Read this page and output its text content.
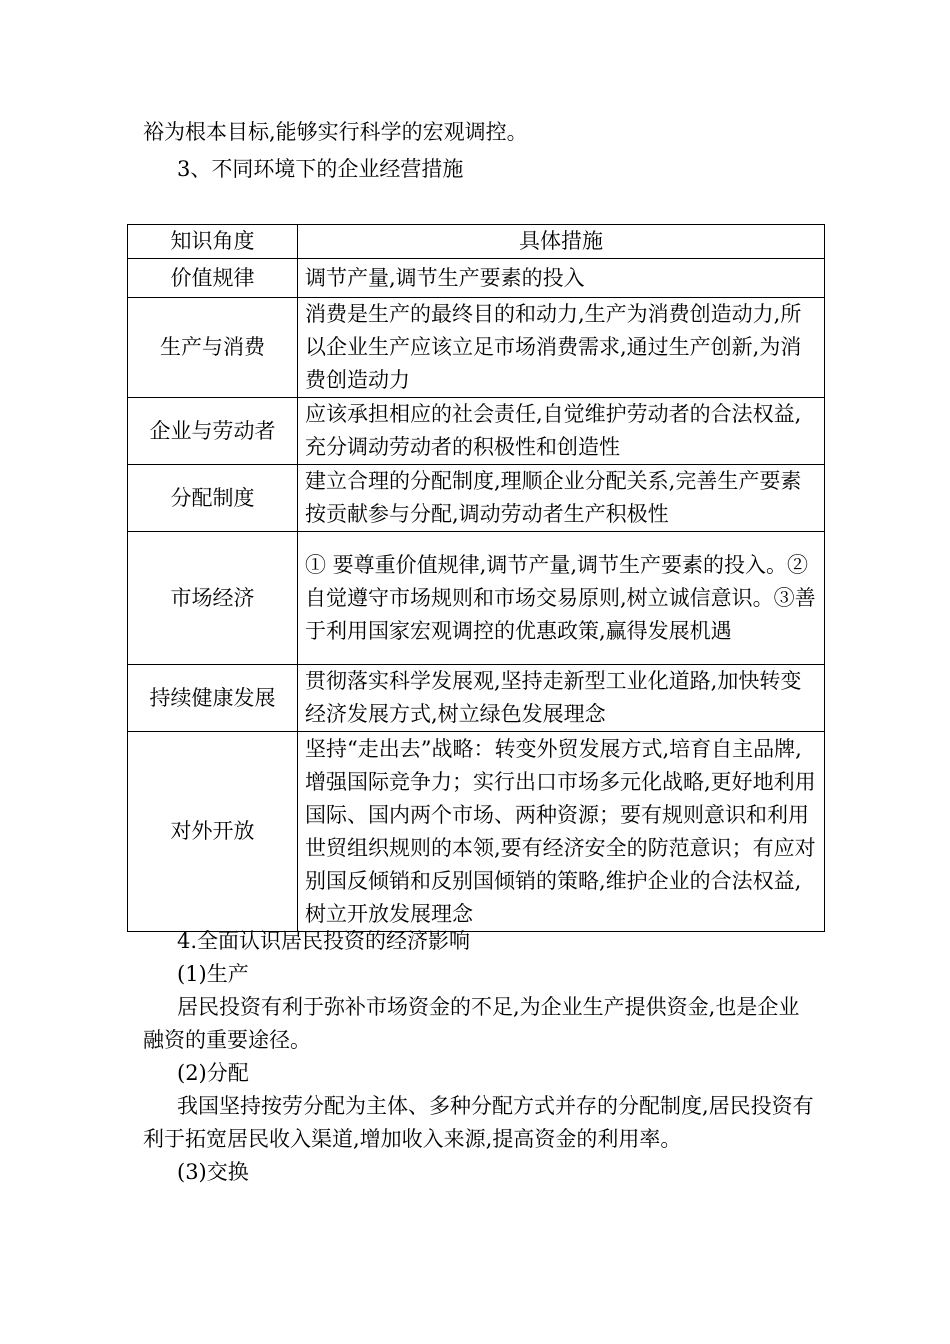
裕为根本目标,能够实行科学的宏观调控。

3、不同环境下的企业经营措施

知识角度	具体措施
价值规律	调节产量,调节生产要素的投入
生产与消费	消费是生产的最终目的和动力,生产为消费创造动力,所以企业生产应该立足市场消费需求,通过生产创新,为消费创造动力
企业与劳动者	应该承担相应的社会责任,自觉维护劳动者的合法权益,充分调动劳动者的积极性和创造性
分配制度	建立合理的分配制度,理顺企业分配关系,完善生产要素按贡献参与分配,调动劳动者生产积极性
市场经济	① 要尊重价值规律,调节产量,调节生产要素的投入。②自觉遵守市场规则和市场交易原则,树立诚信意识。③善于利用国家宏观调控的优惠政策,赢得发展机遇
持续健康发展	贯彻落实科学发展观,坚持走新型工业化道路,加快转变经济发展方式,树立绿色发展理念
对外开放	坚持“走出去”战略：转变外贸发展方式,培育自主品牌,增强国际竞争力；实行出口市场多元化战略,更好地利用国际、国内两个市场、两种资源；要有规则意识和利用世贸组织规则的本领,要有经济安全的防范意识；有应对别国反倾销和反别国倾销的策略,维护企业的合法权益,树立开放发展理念

4.全面认识居民投资的经济影响

(1)生产

居民投资有利于弥补市场资金的不足,为企业生产提供资金,也是企业融资的重要途径。

(2)分配

我国坚持按劳分配为主体、多种分配方式并存的分配制度,居民投资有利于拓宽居民收入渠道,增加收入来源,提高资金的利用率。

(3)交换
